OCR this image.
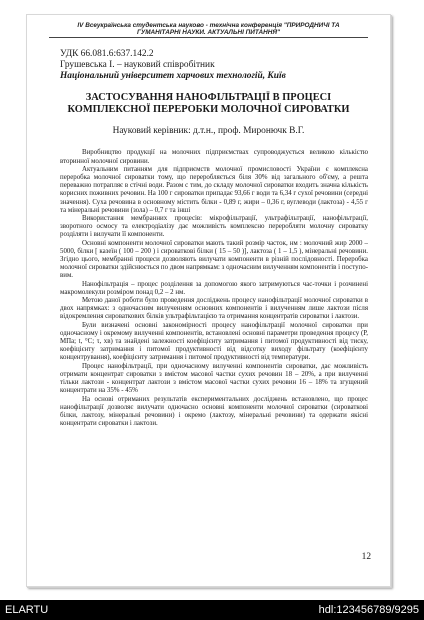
IV Всеукраїнська студентська науково - технічна конференція "ПРИРОДНИЧІ ТА ГУМАНІТАРНІ НАУКИ. АКТУАЛЬНІ ПИТАННЯ"
УДК 66.081.6:637.142.2
Грушевська І. – науковий співробітник
Національний університет харчових технологій, Київ
ЗАСТОСУВАННЯ НАНОФІЛЬТРАЦІЇ В ПРОЦЕСІ КОМПЛЕКСНОЇ ПЕРЕРОБКИ МОЛОЧНОЇ СИРОВАТКИ
Науковий керівник: д.т.н., проф. Миронючк В.Г.

Виробництво продукції на молочних підприємствах супроводжується великою кількістю вторинної молочної сировини.

Актуальним питанням для підприємств молочної промисловості України є комплексна переробка молочної сироватки тому, що переробляється біля 30% від загального об'єму, а решта переважно потрапляє в стічні води. Разом с тим, до складу молочної сироватки входить значна кількість корисних поживних речовин. На 100 г сироватки припадає 93,66 г води та 6,34 г сухої речовини (середні значення). Суха речовина в основному містить білки - 0,89 г, жири – 0,36 г, вуглеводи (лактоза) - 4,55 г та мінеральні речовини (зола) – 0,7 г та інші

Використання мембранних процесів: мікрофільтрації, ультрафільтрації, нанофільтрації, зворотного осмосу та електродіалізу дає можливість комплексно переробляти молочну сироватку розділяти і вилучати її компоненти.

Основні компоненти молочної сироватки мають такий розмір часток, нм : молочний жир 2000 – 5000, білки [ казеїн ( 100 – 200 ) і сироваткові білки ( 15 – 50 )], лактоза ( 1 – 1,5 ), мінеральні речовини. Згідно цього, мембранні процеси дозволяють вилучати компоненти в різній послідовності. Переробка молочної сироватки здійснюється по двом напрямкам: з одночасним вилученням компонентів і поступо-вим.

Нанофільтрація – процес розділення за допомогою якого затримуються час-точки і розчинені макромолекули розміром понад 0,2 – 2 нм.

Метою даної роботи було проведення досліджень процесу нанофільтрації молочної сироватки в двох напрямках: з одночасним вилученням основних компонентів і вилученням лише лактози після відокремлення сироваткових білків ультрафільтацією та отримання концентратів сироватки і лактози.

Були визначені основні закономірності процесу нанофільтрації молочної сироватки при одночасному і окремому вилученні компонентів, встановлені основні параметри проведення процесу (Р, МПа; t, °С; τ, хв) та знайдені залежності коефіцієнту затримання і питомої продуктивності від тиску, коефіцієнту затримання і питомої продуктивності від відсотку виходу фільтрату (коефіцієнту концентрування), коефіцієнту затримання і питомої продуктивності від температури.

Процес нанофільтрації, при одночасному вилученні компонентів сироватки, дає можливість отримати концентрат сироватки з вмістом масової частки сухих речовин 18 – 20%, а при вилученні тільки лактози - концентрат лактози з вмістом масової частки сухих речовин 16 – 18% та згущений концентрати на 35% - 45%

На основі отриманих результатів експериментальних досліджень встановлено, що процес нанофільтрації дозволяє вилучати одночасно основні компоненти молочної сироватки (сироваткові білки, лактозу, мінеральні речовини) і окремо (лактозу, мінеральні речовини) та одержати якісні концентрати сироватки і лактози.

12
ELARTU	hdl:123456789/9295
